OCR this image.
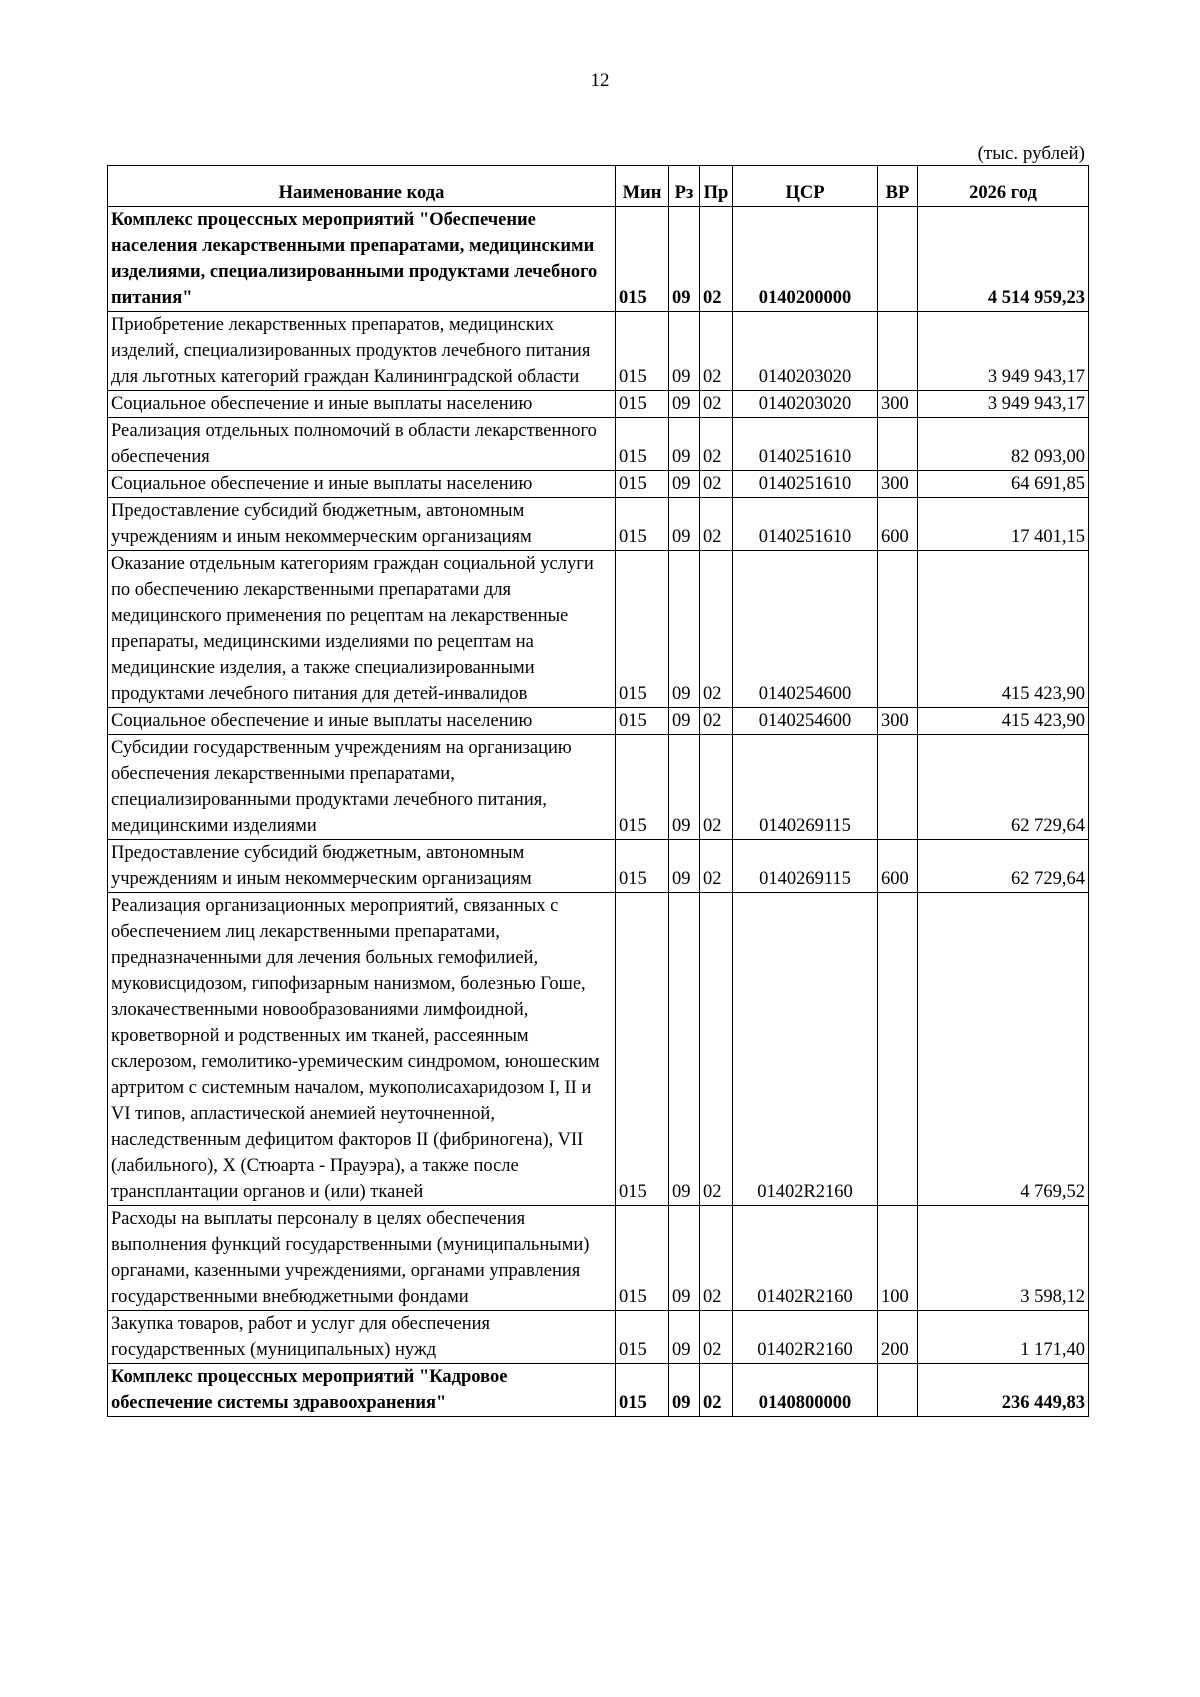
12
(тыс. рублей)
Наименование кода	Мин	Рз	Пр	ЦСР	ВР	2026 год
Комплекс процессных мероприятий "Обеспечение населения лекарственными препаратами, медицинскими изделиями, специализированными продуктами лечебного питания"	015	09	02	0140200000		4 514 959,23
Приобретение лекарственных препаратов, медицинских изделий, специализированных продуктов лечебного питания для льготных категорий граждан Калининградской области	015	09	02	0140203020		3 949 943,17
Социальное обеспечение и иные выплаты населению	015	09	02	0140203020	300	3 949 943,17
Реализация отдельных полномочий в области лекарственного обеспечения	015	09	02	0140251610		82 093,00
Социальное обеспечение и иные выплаты населению	015	09	02	0140251610	300	64 691,85
Предоставление субсидий бюджетным, автономным учреждениям и иным некоммерческим организациям	015	09	02	0140251610	600	17 401,15
Оказание отдельным категориям граждан социальной услуги по обеспечению лекарственными препаратами для медицинского применения по рецептам на лекарственные препараты, медицинскими изделиями по рецептам на медицинские изделия, а также специализированными продуктами лечебного питания для детей-инвалидов	015	09	02	0140254600		415 423,90
Социальное обеспечение и иные выплаты населению	015	09	02	0140254600	300	415 423,90
Субсидии государственным учреждениям на организацию обеспечения лекарственными препаратами, специализированными продуктами лечебного питания, медицинскими изделиями	015	09	02	0140269115		62 729,64
Предоставление субсидий бюджетным, автономным учреждениям и иным некоммерческим организациям	015	09	02	0140269115	600	62 729,64
Реализация организационных мероприятий, связанных с обеспечением лиц лекарственными препаратами, предназначенными для лечения больных гемофилией, муковисцидозом, гипофизарным нанизмом, болезнью Гоше, злокачественными новообразованиями лимфоидной, кроветворной и родственных им тканей, рассеянным склерозом, гемолитико-уремическим синдромом, юношеским артритом с системным началом, мукополисахаридозом I, II и VI типов, апластической анемией неуточненной, наследственным дефицитом факторов II (фибриногена), VII (лабильного), X (Стюарта - Прауэра), а также после трансплантации органов и (или) тканей	015	09	02	01402R2160		4 769,52
Расходы на выплаты персоналу в целях обеспечения выполнения функций государственными (муниципальными) органами, казенными учреждениями, органами управления государственными внебюджетными фондами	015	09	02	01402R2160	100	3 598,12
Закупка товаров, работ и услуг для обеспечения государственных (муниципальных) нужд	015	09	02	01402R2160	200	1 171,40
Комплекс процессных мероприятий "Кадровое обеспечение системы здравоохранения"	015	09	02	0140800000		236 449,83
